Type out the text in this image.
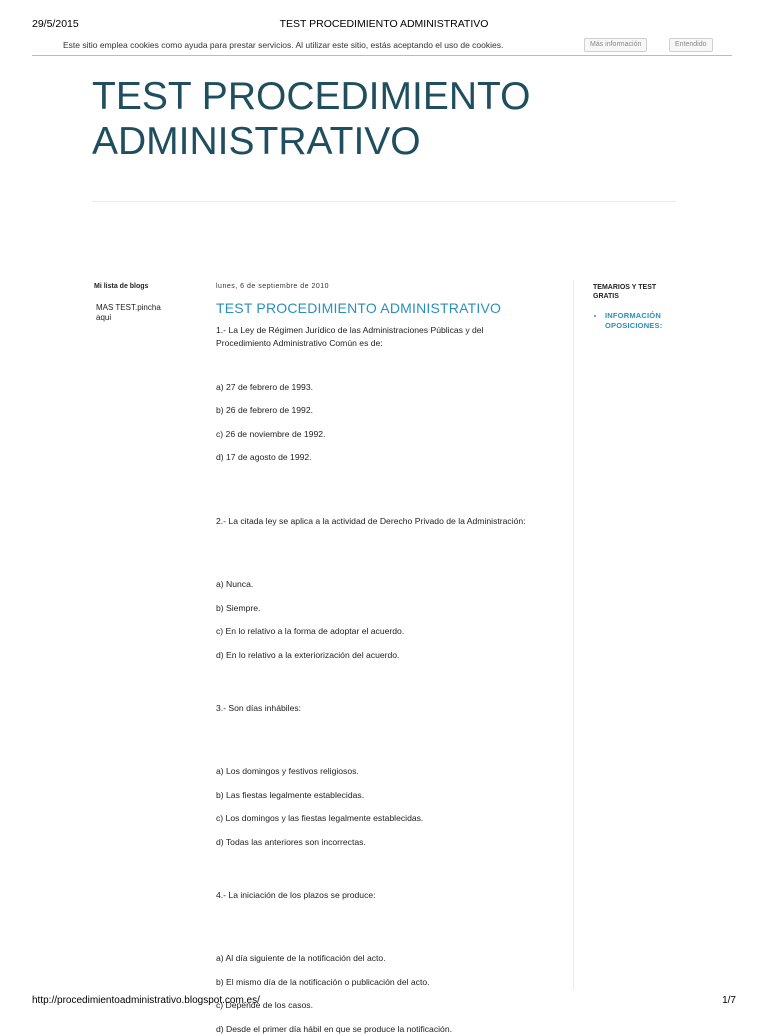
29/5/2015	TEST PROCEDIMIENTO ADMINISTRATIVO
Este sitio emplea cookies como ayuda para prestar servicios. Al utilizar este sitio, estás aceptando el uso de cookies.	Más información	Entendido
TEST PROCEDIMIENTO
ADMINISTRATIVO
Mi lista de blogs
MAS TEST.pincha aqui
lunes, 6 de septiembre de 2010
TEST PROCEDIMIENTO ADMINISTRATIVO
1.- La Ley de Régimen Jurídico de las Administraciones Públicas y del Procedimiento Administrativo Común es de:
a) 27 de febrero de 1993.
b) 26 de febrero de 1992.
c) 26 de noviembre de 1992.
d) 17 de agosto de 1992.
2.- La citada ley se aplica a la actividad de Derecho Privado de la Administración:
a) Nunca.
b) Siempre.
c) En lo relativo a la forma de adoptar el acuerdo.
d) En lo relativo a la exteriorización del acuerdo.
3.- Son días inhábiles:
a) Los domingos y festivos religiosos.
b) Las fiestas legalmente establecidas.
c) Los domingos y las fiestas legalmente establecidas.
d) Todas las anteriores son incorrectas.
4.- La iniciación de los plazos se produce:
a) Al día siguiente de la notificación del acto.
b) El mismo día de la notificación o publicación del acto.
c) Depende de los casos.
d) Desde el primer día hábil en que se produce la notificación.
TEMARIOS Y TEST GRATIS
• INFORMACIÓN OPOSICIONES:
http://procedimientoadministrativo.blogspot.com.es/	1/7
